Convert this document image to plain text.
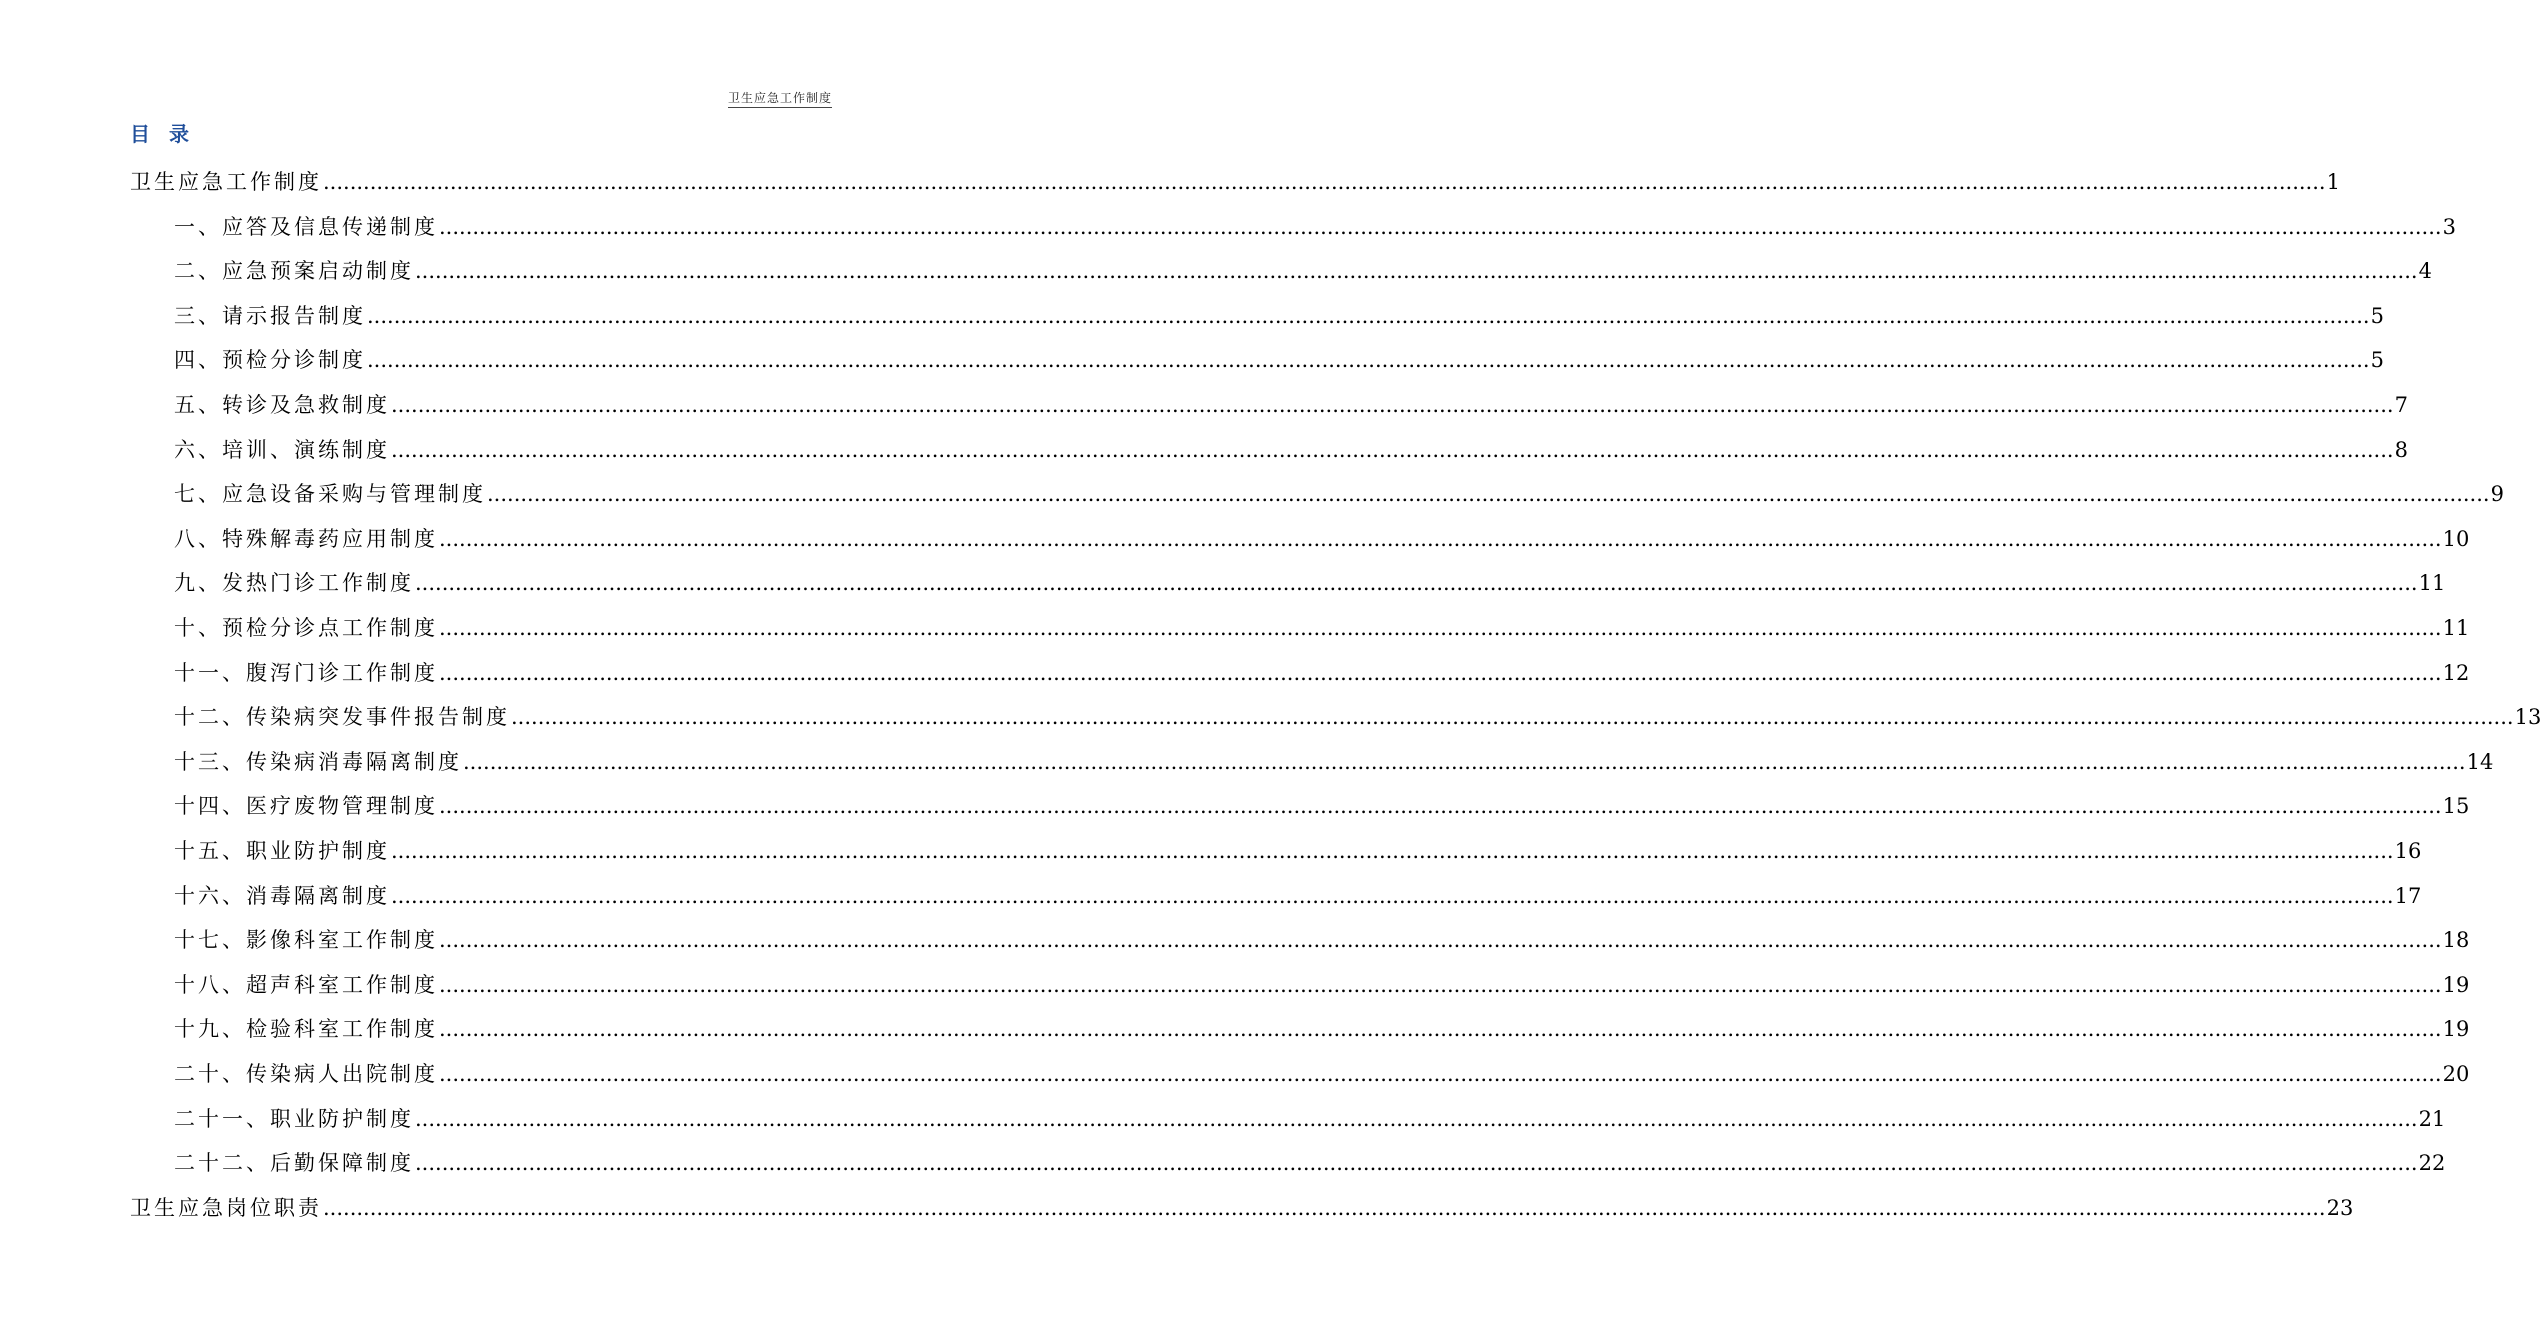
卫生应急工作制度
目 录
卫生应急工作制度 ............................................................................................................................................................................................................................................................................................................ 1
一、应答及信息传递制度 ............................................................................................................................................................................................................................................................................................................ 3
二、应急预案启动制度 ............................................................................................................................................................................................................................................................................................................ 4
三、请示报告制度 ............................................................................................................................................................................................................................................................................................................ 5
四、预检分诊制度 ............................................................................................................................................................................................................................................................................................................ 5
五、转诊及急救制度 ............................................................................................................................................................................................................................................................................................................ 7
六、培训、演练制度 ............................................................................................................................................................................................................................................................................................................ 8
七、应急设备采购与管理制度 ............................................................................................................................................................................................................................................................................................................ 9
八、特殊解毒药应用制度 ............................................................................................................................................................................................................................................................................................................ 10
九、发热门诊工作制度 ............................................................................................................................................................................................................................................................................................................ 11
十、预检分诊点工作制度 ............................................................................................................................................................................................................................................................................................................ 11
十一、腹泻门诊工作制度 ............................................................................................................................................................................................................................................................................................................ 12
十二、传染病突发事件报告制度 ............................................................................................................................................................................................................................................................................................................ 13
十三、传染病消毒隔离制度 ............................................................................................................................................................................................................................................................................................................ 14
十四、医疗废物管理制度 ............................................................................................................................................................................................................................................................................................................ 15
十五、职业防护制度 ............................................................................................................................................................................................................................................................................................................ 16
十六、消毒隔离制度 ............................................................................................................................................................................................................................................................................................................ 17
十七、影像科室工作制度 ............................................................................................................................................................................................................................................................................................................ 18
十八、超声科室工作制度 ............................................................................................................................................................................................................................................................................................................ 19
十九、检验科室工作制度 ............................................................................................................................................................................................................................................................................................................ 19
二十、传染病人出院制度 ............................................................................................................................................................................................................................................................................................................ 20
二十一、职业防护制度 ............................................................................................................................................................................................................................................................................................................ 21
二十二、后勤保障制度 ............................................................................................................................................................................................................................................................................................................ 22
卫生应急岗位职责 ............................................................................................................................................................................................................................................................................................................ 23
